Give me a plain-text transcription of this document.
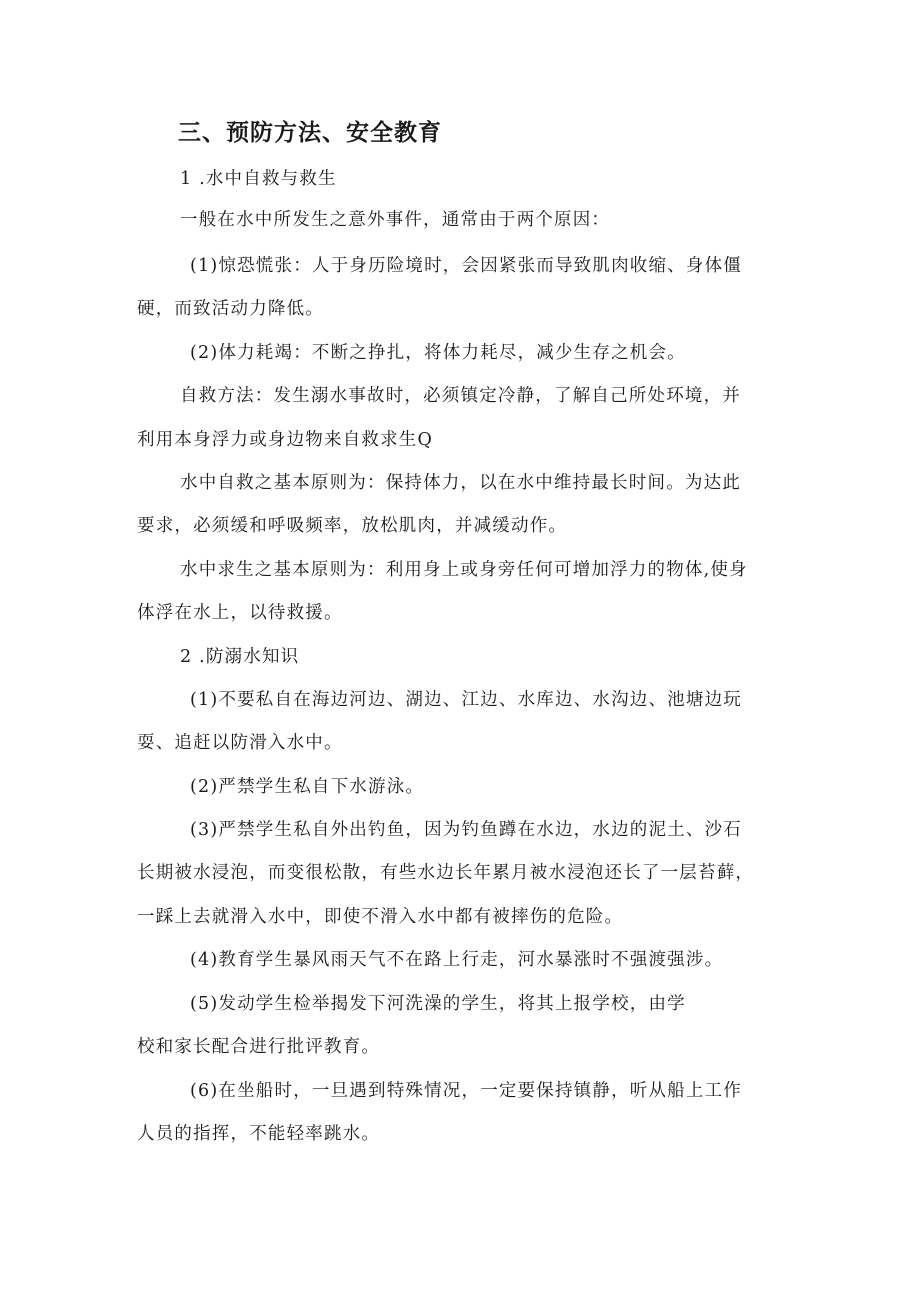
三、预防方法、安全教育
1 .水中自救与救生
一般在水中所发生之意外事件，通常由于两个原因：
(1)惊恐慌张：人于身历险境时，会因紧张而导致肌肉收缩、身体僵
硬，而致活动力降低。
(2)体力耗竭：不断之挣扎，将体力耗尽，减少生存之机会。
自救方法：发生溺水事故时，必须镇定冷静，了解自己所处环境，并
利用本身浮力或身边物来自救求生Q
水中自救之基本原则为：保持体力，以在水中维持最长时间。为达此
要求，必须缓和呼吸频率，放松肌肉，并减缓动作。
水中求生之基本原则为：利用身上或身旁任何可增加浮力的物体,使身
体浮在水上，以待救援。
2 .防溺水知识
(1)不要私自在海边河边、湖边、江边、水库边、水沟边、池塘边玩
耍、追赶以防滑入水中。
(2)严禁学生私自下水游泳。
(3)严禁学生私自外出钓鱼，因为钓鱼蹲在水边，水边的泥土、沙石
长期被水浸泡，而变很松散，有些水边长年累月被水浸泡还长了一层苔藓，
一踩上去就滑入水中，即使不滑入水中都有被摔伤的危险。
(4)教育学生暴风雨天气不在路上行走，河水暴涨时不强渡强涉。
(5)发动学生检举揭发下河洗澡的学生，将其上报学校，由学
校和家长配合进行批评教育。
(6)在坐船时，一旦遇到特殊情况，一定要保持镇静，听从船上工作
人员的指挥，不能轻率跳水。
